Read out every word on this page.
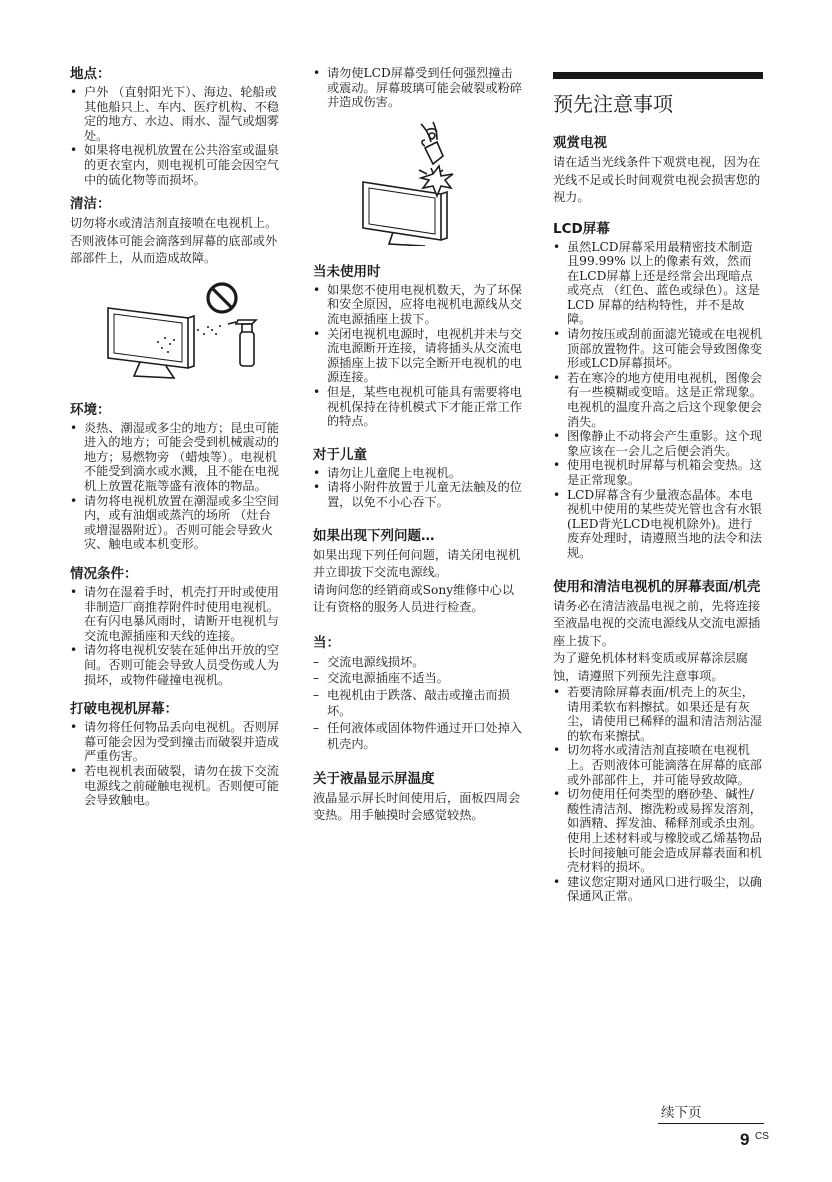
地点：
• 户外 （直射阳光下）、海边、轮船或其他船只上、车内、医疗机构、不稳定的地方、水边、雨水、湿气或烟雾处。
• 如果将电视机放置在公共浴室或温泉的更衣室内，则电视机可能会因空气中的硫化物等而损坏。
清洁：

切勿将水或清洁剂直接喷在电视机上。否则液体可能会滴落到屏幕的底部或外部部件上，从而造成故障。

环境：
• 炎热、潮湿或多尘的地方；昆虫可能进入的地方；可能会受到机械震动的地方；易燃物旁 （蜡烛等）。电视机不能受到滴水或水溅，且不能在电视机上放置花瓶等盛有液体的物品。
• 请勿将电视机放置在潮湿或多尘空间内，或有油烟或蒸汽的场所 （灶台或增湿器附近）。否则可能会导致火灾、触电或本机变形。
情况条件：
• 请勿在湿着手时，机壳打开时或使用非制造厂商推荐附件时使用电视机。在有闪电暴风雨时，请断开电视机与交流电源插座和天线的连接。
• 请勿将电视机安装在延伸出开放的空间。否则可能会导致人员受伤或人为损坏，或物件碰撞电视机。
打破电视机屏幕：
• 请勿将任何物品丢向电视机。否则屏幕可能会因为受到撞击而破裂并造成严重伤害。
• 若电视机表面破裂，请勿在拔下交流电源线之前碰触电视机。否则便可能会导致触电。
• 请勿使LCD屏幕受到任何强烈撞击或震动。屏幕玻璃可能会破裂或粉碎并造成伤害。
当未使用时
• 如果您不使用电视机数天，为了环保和安全原因，应将电视机电源线从交流电源插座上拔下。
• 关闭电视机电源时，电视机并未与交流电源断开连接，请将插头从交流电源插座上拔下以完全断开电视机的电源连接。
• 但是，某些电视机可能具有需要将电视机保持在待机模式下才能正常工作的特点。
对于儿童
• 请勿让儿童爬上电视机。
• 请将小附件放置于儿童无法触及的位置，以免不小心吞下。
如果出现下列问题…

如果出现下列任何问题，请关闭电视机并立即拔下交流电源线。

请询问您的经销商或Sony维修中心以让有资格的服务人员进行检查。

当：
– 交流电源线损坏。
– 交流电源插座不适当。
– 电视机由于跌落、敲击或撞击而损坏。
– 任何液体或固体物件通过开口处掉入机壳内。
关于液晶显示屏温度

液晶显示屏长时间使用后，面板四周会变热。用手触摸时会感觉较热。

预先注意事项
观赏电视

请在适当光线条件下观赏电视，因为在光线不足或长时间观赏电视会损害您的视力。

LCD屏幕
• 虽然LCD屏幕采用最精密技术制造且99.99% 以上的像素有效，然而在LCD屏幕上还是经常会出现暗点或亮点 （红色、蓝色或绿色）。这是 LCD 屏幕的结构特性，并不是故障。
• 请勿按压或刮前面滤光镜或在电视机顶部放置物件。这可能会导致图像变形或LCD屏幕损坏。
• 若在寒冷的地方使用电视机，图像会有一些模糊或变暗。这是正常现象。电视机的温度升高之后这个现象便会消失。
• 图像静止不动将会产生重影。这个现象应该在一会儿之后便会消失。
• 使用电视机时屏幕与机箱会变热。这是正常现象。
• LCD屏幕含有少量液态晶体。本电视机中使用的某些荧光管也含有水银 (LED背光LCD电视机除外)。进行废弃处理时，请遵照当地的法令和法规。
使用和清洁电视机的屏幕表面/机壳

请务必在清洁液晶电视之前，先将连接至液晶电视的交流电源线从交流电源插座上拔下。

为了避免机体材料变质或屏幕涂层腐蚀，请遵照下列预先注意事项。

• 若要清除屏幕表面/机壳上的灰尘，请用柔软布料擦拭。如果还是有灰尘，请使用已稀释的温和清洁剂沾湿的软布来擦拭。
• 切勿将水或清洁剂直接喷在电视机上。否则液体可能滴落在屏幕的底部或外部部件上，并可能导致故障。
• 切勿使用任何类型的磨砂垫、碱性/酸性清洁剂、擦洗粉或易挥发溶剂，如酒精、挥发油、稀释剂或杀虫剂。使用上述材料或与橡胶或乙烯基物品长时间接触可能会造成屏幕表面和机壳材料的损坏。
• 建议您定期对通风口进行吸尘，以确保通风正常。
续下页
9 CS
